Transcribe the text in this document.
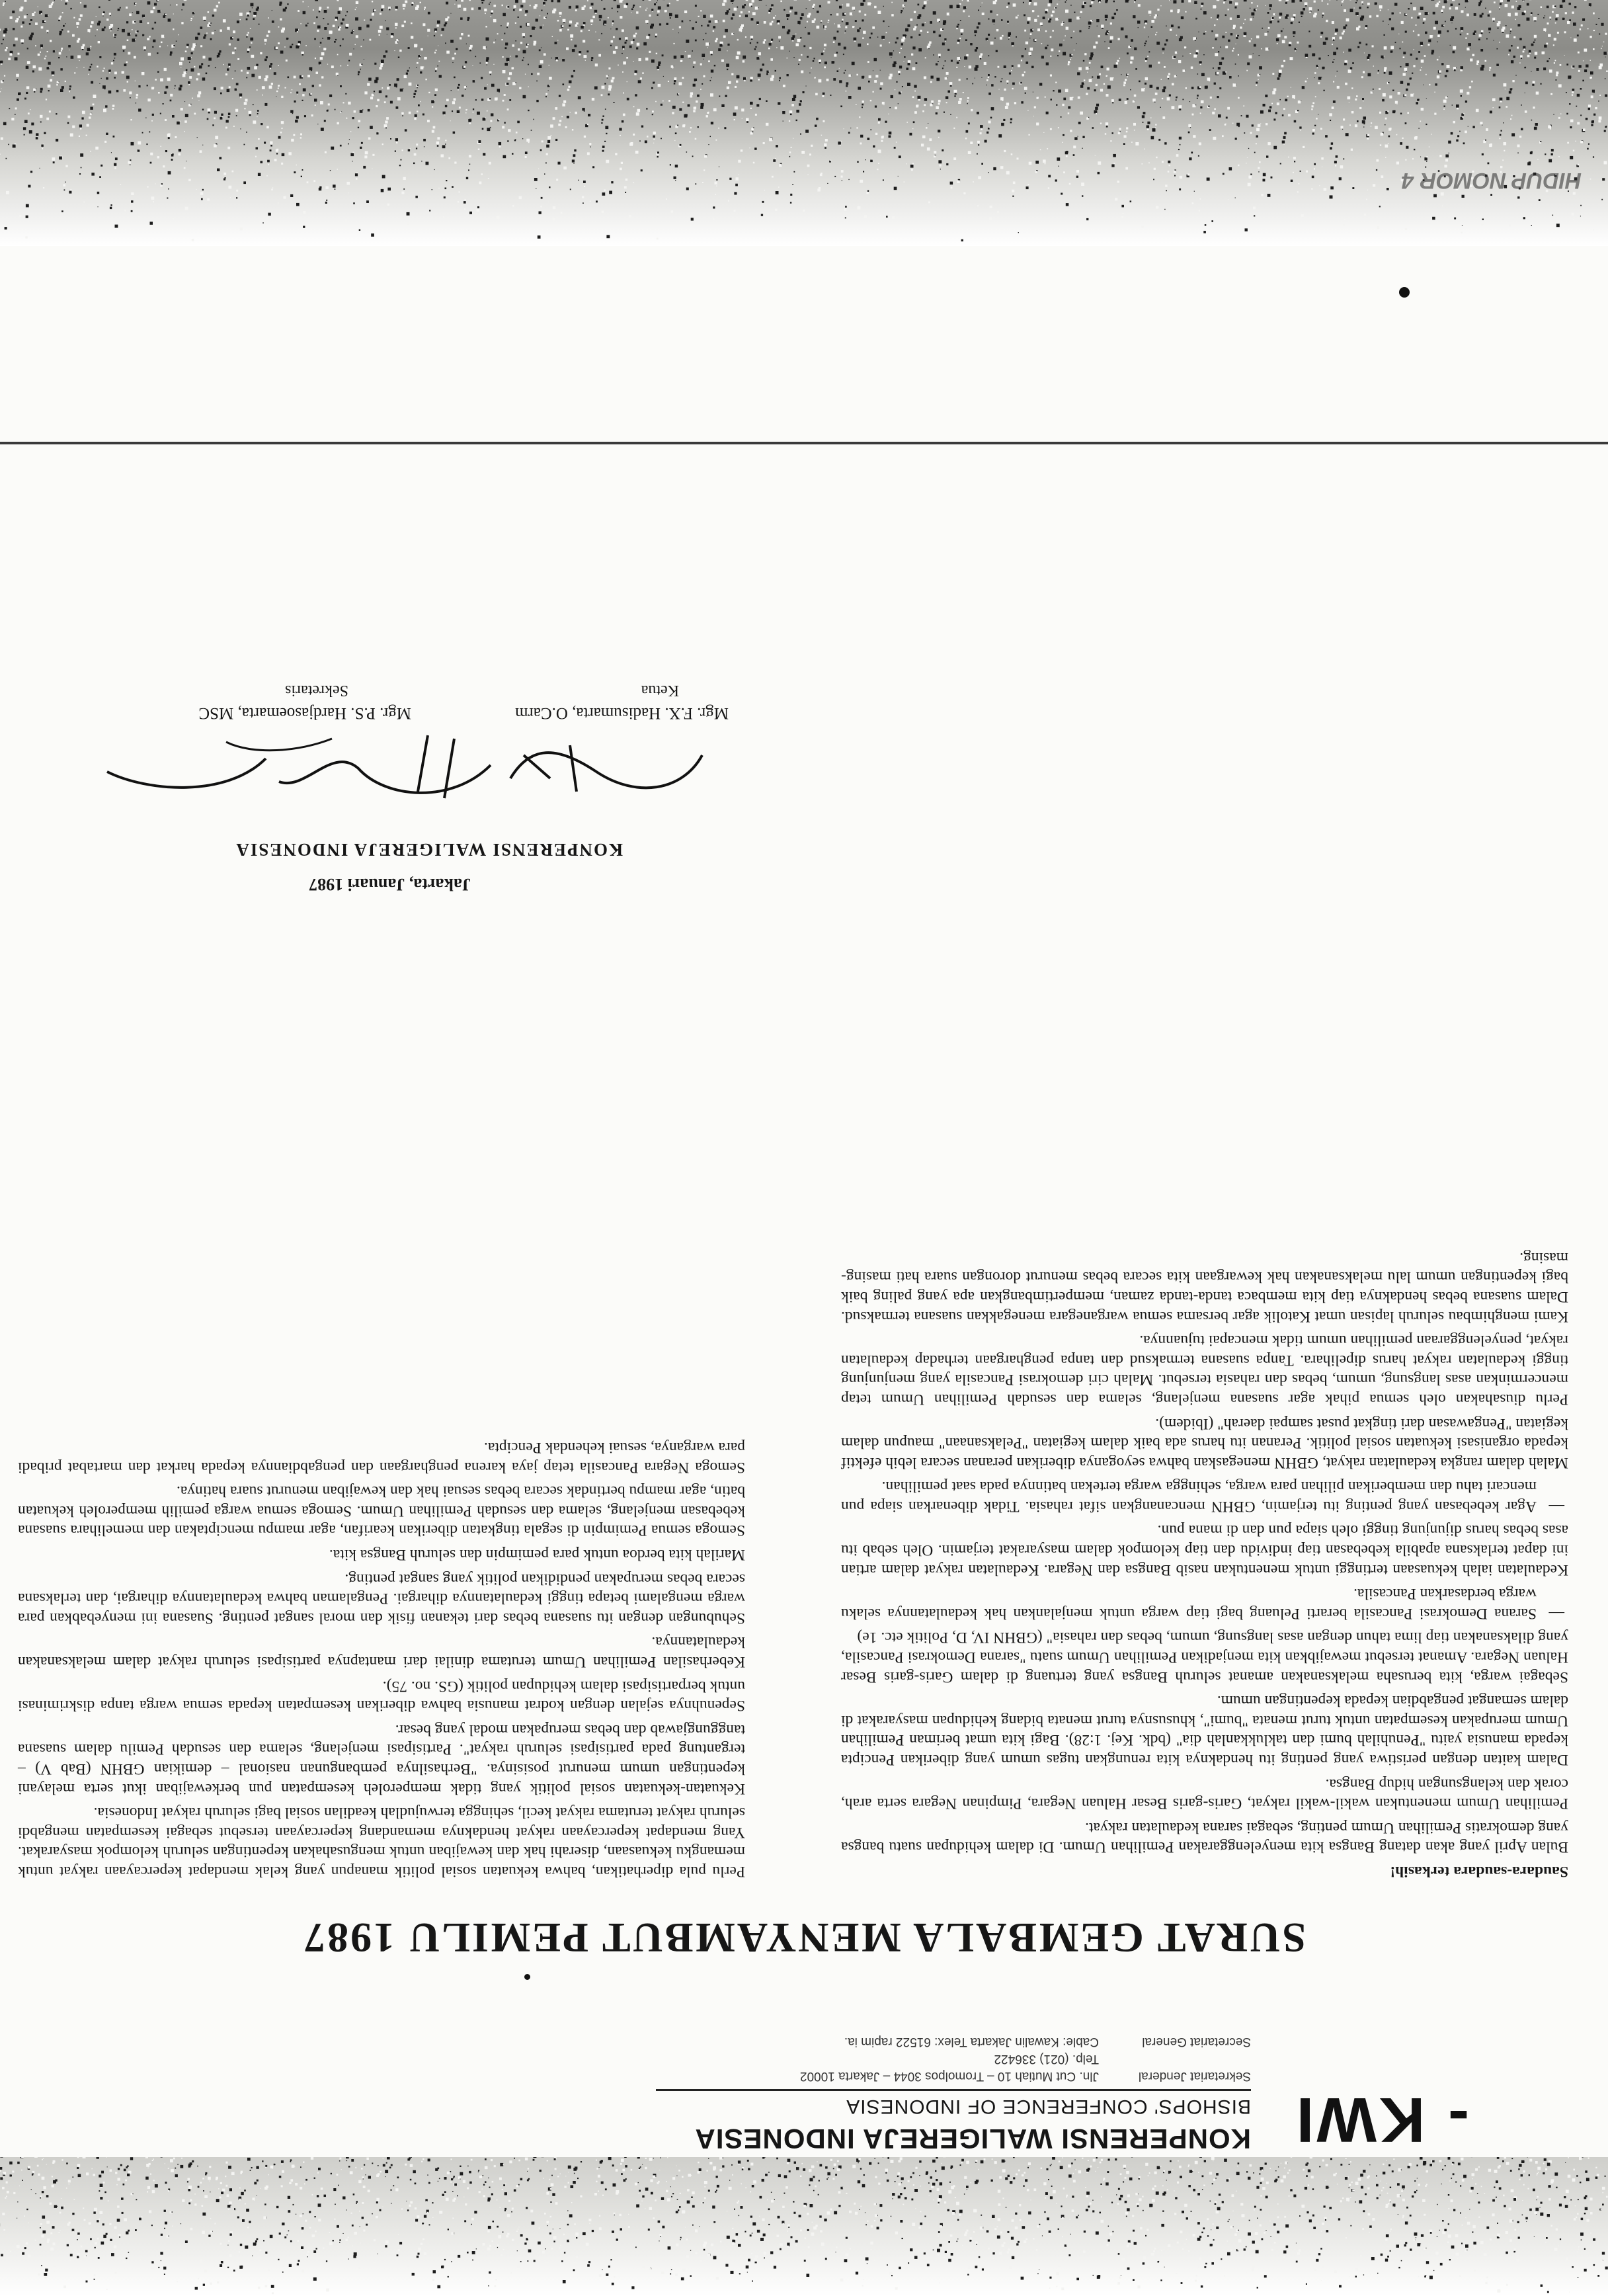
- KWI
KONPERENSI WALIGEREJA INDONESIA
BISHOPS' CONFERENCE OF INDONESIA
Sekretariat Jenderal
Jln. Cut Mutiah 10 – Tromolpos 3044 – Jakarta 10002
Telp. (021) 336422
Secretariat General
Cable: Kawalin Jakarta Telex: 61522 rapim ia.
SURAT GEMBALA MENYAMBUT PEMILU 1987

Saudara-saudara terkasih!

Bulan April yang akan datang Bangsa kita menyelenggarakan Pemilihan Umum. Di dalam kehidupan suatu bangsa yang demokratis Pemilihan Umum penting, sebagai sarana kedaulatan rakyat.

Pemilihan Umum menentukan wakil-wakil rakyat, Garis-garis Besar Haluan Negara, Pimpinan Negara serta arah, corak dan kelangsungan hidup Bangsa.

Dalam kaitan dengan peristiwa yang penting itu hendaknya kita renungkan tugas umum yang diberikan Pencipta kepada manusia yaitu "Penuhilah bumi dan taklukkanlah dia" (bdk. Kej. 1:28). Bagi kita umat beriman Pemilihan Umum merupakan kesempatan untuk turut menata "bumi", khususnya turut menata bidang kehidupan masyarakat di dalam semangat pengabdian kepada kepentingan umum.

Sebagai warga, kita berusaha melaksanakan amanat seluruh Bangsa yang tertuang di dalam Garis-garis Besar Haluan Negara. Amanat tersebut mewajibkan kita menjadikan Pemilihan Umum suatu "sarana Demokrasi Pancasila, yang dilaksanakan tiap lima tahun dengan asas langsung, umum, bebas dan rahasia" (GBHN IV, D, Politik etc. 1e)

—
Sarana Demokrasi Pancasila berarti Peluang bagi tiap warga untuk menjalankan hak kedaulatannya selaku warga berdasarkan Pancasila.

Kedaulatan ialah kekuasaan tertinggi untuk menentukan nasib Bangsa dan Negara. Kedaulatan rakyat dalam artian ini dapat terlaksana apabila kebebasan tiap individu dan tiap kelompok dalam masyarakat terjamin. Oleh sebab itu asas bebas harus dijunjung tinggi oleh siapa pun dan di mana pun.

—
Agar kebebasan yang penting itu terjamin, GBHN mencanangkan sifat rahasia. Tidak dibenarkan siapa pun mencari tahu dan memberikan pilihan para warga, sehingga warga tertekan batinnya pada saat pemilihan.

Malah dalam rangka kedaulatan rakyat, GBHN menegaskan bahwa seyoganya diberikan peranan secara lebih efektif kepada organisasi kekuatan sosial politik. Peranan itu harus ada baik dalam kegiatan "Pelaksanaan" maupun dalam kegiatan "Pengawasan dari tingkat pusat sampai daerah" (Ibidem).

Perlu diusahakan oleh semua pihak agar suasana menjelang, selama dan sesudah Pemilihan Umum tetap mencerminkan asas langsung, umum, bebas dan rahasia tersebut. Malah ciri demokrasi Pancasila yang menjunjung tinggi kedaulatan rakyat harus dipelihara. Tanpa suasana termaksud dan tanpa penghargaan terhadap kedaulatan rakyat, penyelenggaraan pemilihan umum tidak mencapai tujuannya.

Kami menghimbau seluruh lapisan umat Katolik agar bersama semua warganegara menegakkan suasana termaksud. Dalam suasana bebas hendaknya tiap kita membaca tanda-tanda zaman, mempertimbangkan apa yang paling baik bagi kepentingan umum lalu melaksanakan hak kewargaan kita secara bebas menurut dorongan suara hati masing-masing.

Perlu pula diperhatikan, bahwa kekuatan sosial politik manapun yang kelak mendapat kepercayaan rakyat untuk memangku kekuasaan, diserahi hak dan kewajiban untuk mengusahakan kepentingan seluruh kelompok masyarakat. Yang mendapat kepercayaan rakyat hendaknya memandang kepercayaan tersebut sebagai kesempatan mengabdi seluruh rakyat terutama rakyat kecil, sehingga terwujudlah keadilan sosial bagi seluruh rakyat Indonesia.

Kekuatan-kekuatan sosial politik yang tidak memperoleh kesempatan pun berkewajiban ikut serta melayani kepentingan umum menurut posisinya. "Berhasilnya pembangunan nasional – demikian GBHN (Bab V) – tergantung pada partisipasi seluruh rakyat". Partisipasi menjelang, selama dan sesudah Pemilu dalam suasana tanggungjawab dan bebas merupakan modal yang besar.

Sepenuhnya sejalan dengan kodrat manusia bahwa diberikan kesempatan kepada semua warga tanpa diskriminasi untuk berpartisipasi dalam kehidupan politik (GS. no. 75).

Keberhasilan Pemilihan Umum terutama dinilai dari mantapnya partisipasi seluruh rakyat dalam melaksanakan kedaulatannya.

Sehubungan dengan itu suasana bebas dari tekanan fisik dan moral sangat penting. Suasana ini menyebabkan para warga mengalami betapa tinggi kedaulatannya dihargai. Pengalaman bahwa kedaulatannya dihargai, dan terlaksana secara bebas merupakan pendidikan politik yang sangat penting.

Marilah kita berdoa untuk para pemimpin dan seluruh Bangsa kita.

Semoga semua Pemimpin di segala tingkatan diberikan kearifan, agar mampu menciptakan dan memelihara suasana kebebasan menjelang, selama dan sesudah Pemilihan Umum. Semoga semua warga pemilih memperoleh kekuatan batin, agar mampu bertindak secara bebas sesuai hak dan kewajiban menurut suara hatinya.

Semoga Negara Pancasila tetap jaya karena penghargaan dan pengabdiannya kepada harkat dan martabat pribadi para warganya, sesuai kehendak Pencipta.

Jakarta, Januari 1987
KONPERENSI WALIGEREJA INDONESIA
Mgr. F.X. Hadisumarta, O.Carm
Ketua
Mgr. P.S. Hardjasoemarta, MSC
Sekretaris
HIDUP NOMOR 4
